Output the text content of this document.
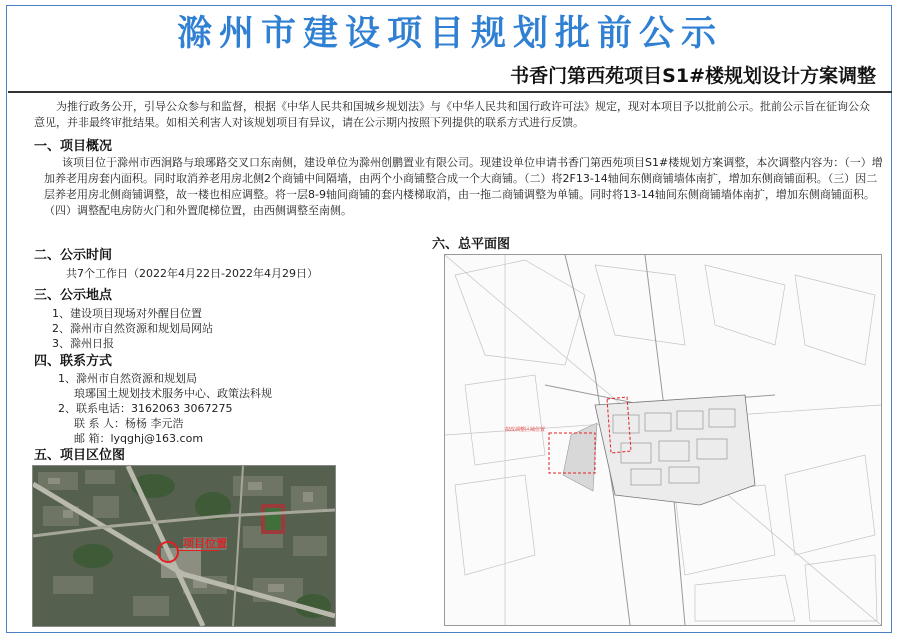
滁州市建设项目规划批前公示
书香门第西苑项目S1#楼规划设计方案调整
为推行政务公开，引导公众参与和监督，根据《中华人民共和国城乡规划法》与《中华人民共和国行政许可法》规定，现对本项目予以批前公示。批前公示旨在征询公众意见，并非最终审批结果。如相关利害人对该规划项目有异议，请在公示期内按照下列提供的联系方式进行反馈。
一、项目概况
该项目位于滁州市西涧路与琅琊路交叉口东南侧，建设单位为滁州创鹏置业有限公司。现建设单位申请书香门第西苑项目S1#楼规划方案调整，本次调整内容为：（一）增加养老用房套内面积。同时取消养老用房北侧2个商铺中间隔墙，由两个小商铺整合成一个大商铺。（二）将2F13-14轴间东侧商铺墙体南扩，增加东侧商铺面积。（三）因二层养老用房北侧商铺调整，故一楼也相应调整。将一层8-9轴间商铺的套内楼梯取消，由一拖二商铺调整为单铺。同时将13-14轴间东侧商铺墙体南扩，增加东侧商铺面积。（四）调整配电房防火门和外置爬梯位置，由西侧调整至南侧。
二、公示时间
共7个工作日（2022年4月22日-2022年4月29日）
三、公示地点
1、建设项目现场对外醒目位置
2、滁州市自然资源和规划局网站
3、滁州日报
四、联系方式
1、滁州市自然资源和规划局
琅琊国土规划技术服务中心、政策法科规
2、联系电话：3162063 3067275
联 系 人：杨杨 李元浩
邮 箱：lyqghj@163.com
五、项目区位图
项目位置
六、总平面图
拟改调整区域位置
